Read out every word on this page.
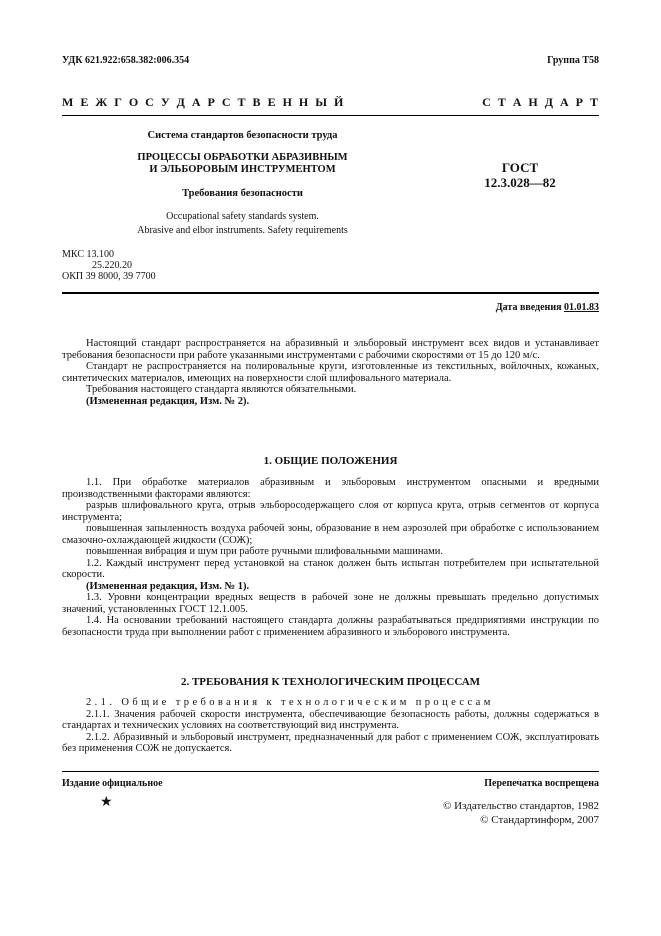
УДК 621.922:658.382:006.354	Группа Т58
М Е Ж Г О С У Д А Р С Т В Е Н Н Ы Й	С Т А Н Д А Р Т
Система стандартов безопасности труда
ПРОЦЕССЫ ОБРАБОТКИ АБРАЗИВНЫМ
И ЭЛЬБОРОВЫМ ИНСТРУМЕНТОМ
Требования безопасности
Occupational safety standards system.
Abrasive and elbor instruments. Safety requirements
ГОСТ
12.3.028—82
МКС 13.100
25.220.20
ОКП 39 8000, 39 7700
Дата введения 01.01.83
Настоящий стандарт распространяется на абразивный и эльборовый инструмент всех видов и устанавливает требования безопасности при работе указанными инструментами с рабочими скоростями от 15 до 120 м/с.
Стандарт не распространяется на полировальные круги, изготовленные из текстильных, войлочных, кожаных, синтетических материалов, имеющих на поверхности слой шлифовального материала.
Требования настоящего стандарта являются обязательными.
(Измененная редакция, Изм. № 2).
1. ОБЩИЕ ПОЛОЖЕНИЯ
1.1. При обработке материалов абразивным и эльборовым инструментом опасными и вредными производственными факторами являются:
разрыв шлифовального круга, отрыв эльборосодержащего слоя от корпуса круга, отрыв сегментов от корпуса инструмента;
повышенная запыленность воздуха рабочей зоны, образование в нем аэрозолей при обработке с использованием смазочно-охлаждающей жидкости (СОЖ);
повышенная вибрация и шум при работе ручными шлифовальными машинами.
1.2. Каждый инструмент перед установкой на станок должен быть испытан потребителем при испытательной скорости.
(Измененная редакция, Изм. № 1).
1.3. Уровни концентрации вредных веществ в рабочей зоне не должны превышать предельно допустимых значений, установленных ГОСТ 12.1.005.
1.4. На основании требований настоящего стандарта должны разрабатываться предприятиями инструкции по безопасности труда при выполнении работ с применением абразивного и эльборового инструмента.
2. ТРЕБОВАНИЯ К ТЕХНОЛОГИЧЕСКИМ ПРОЦЕССАМ
2.1. Общие требования к технологическим процессам
2.1.1. Значения рабочей скорости инструмента, обеспечивающие безопасность работы, должны содержаться в стандартах и технических условиях на соответствующий вид инструмента.
2.1.2. Абразивный и эльборовый инструмент, предназначенный для работ с применением СОЖ, эксплуатировать без применения СОЖ не допускается.
Издание официальное	Перепечатка воспрещена
★	© Издательство стандартов, 1982
© Стандартинформ, 2007
